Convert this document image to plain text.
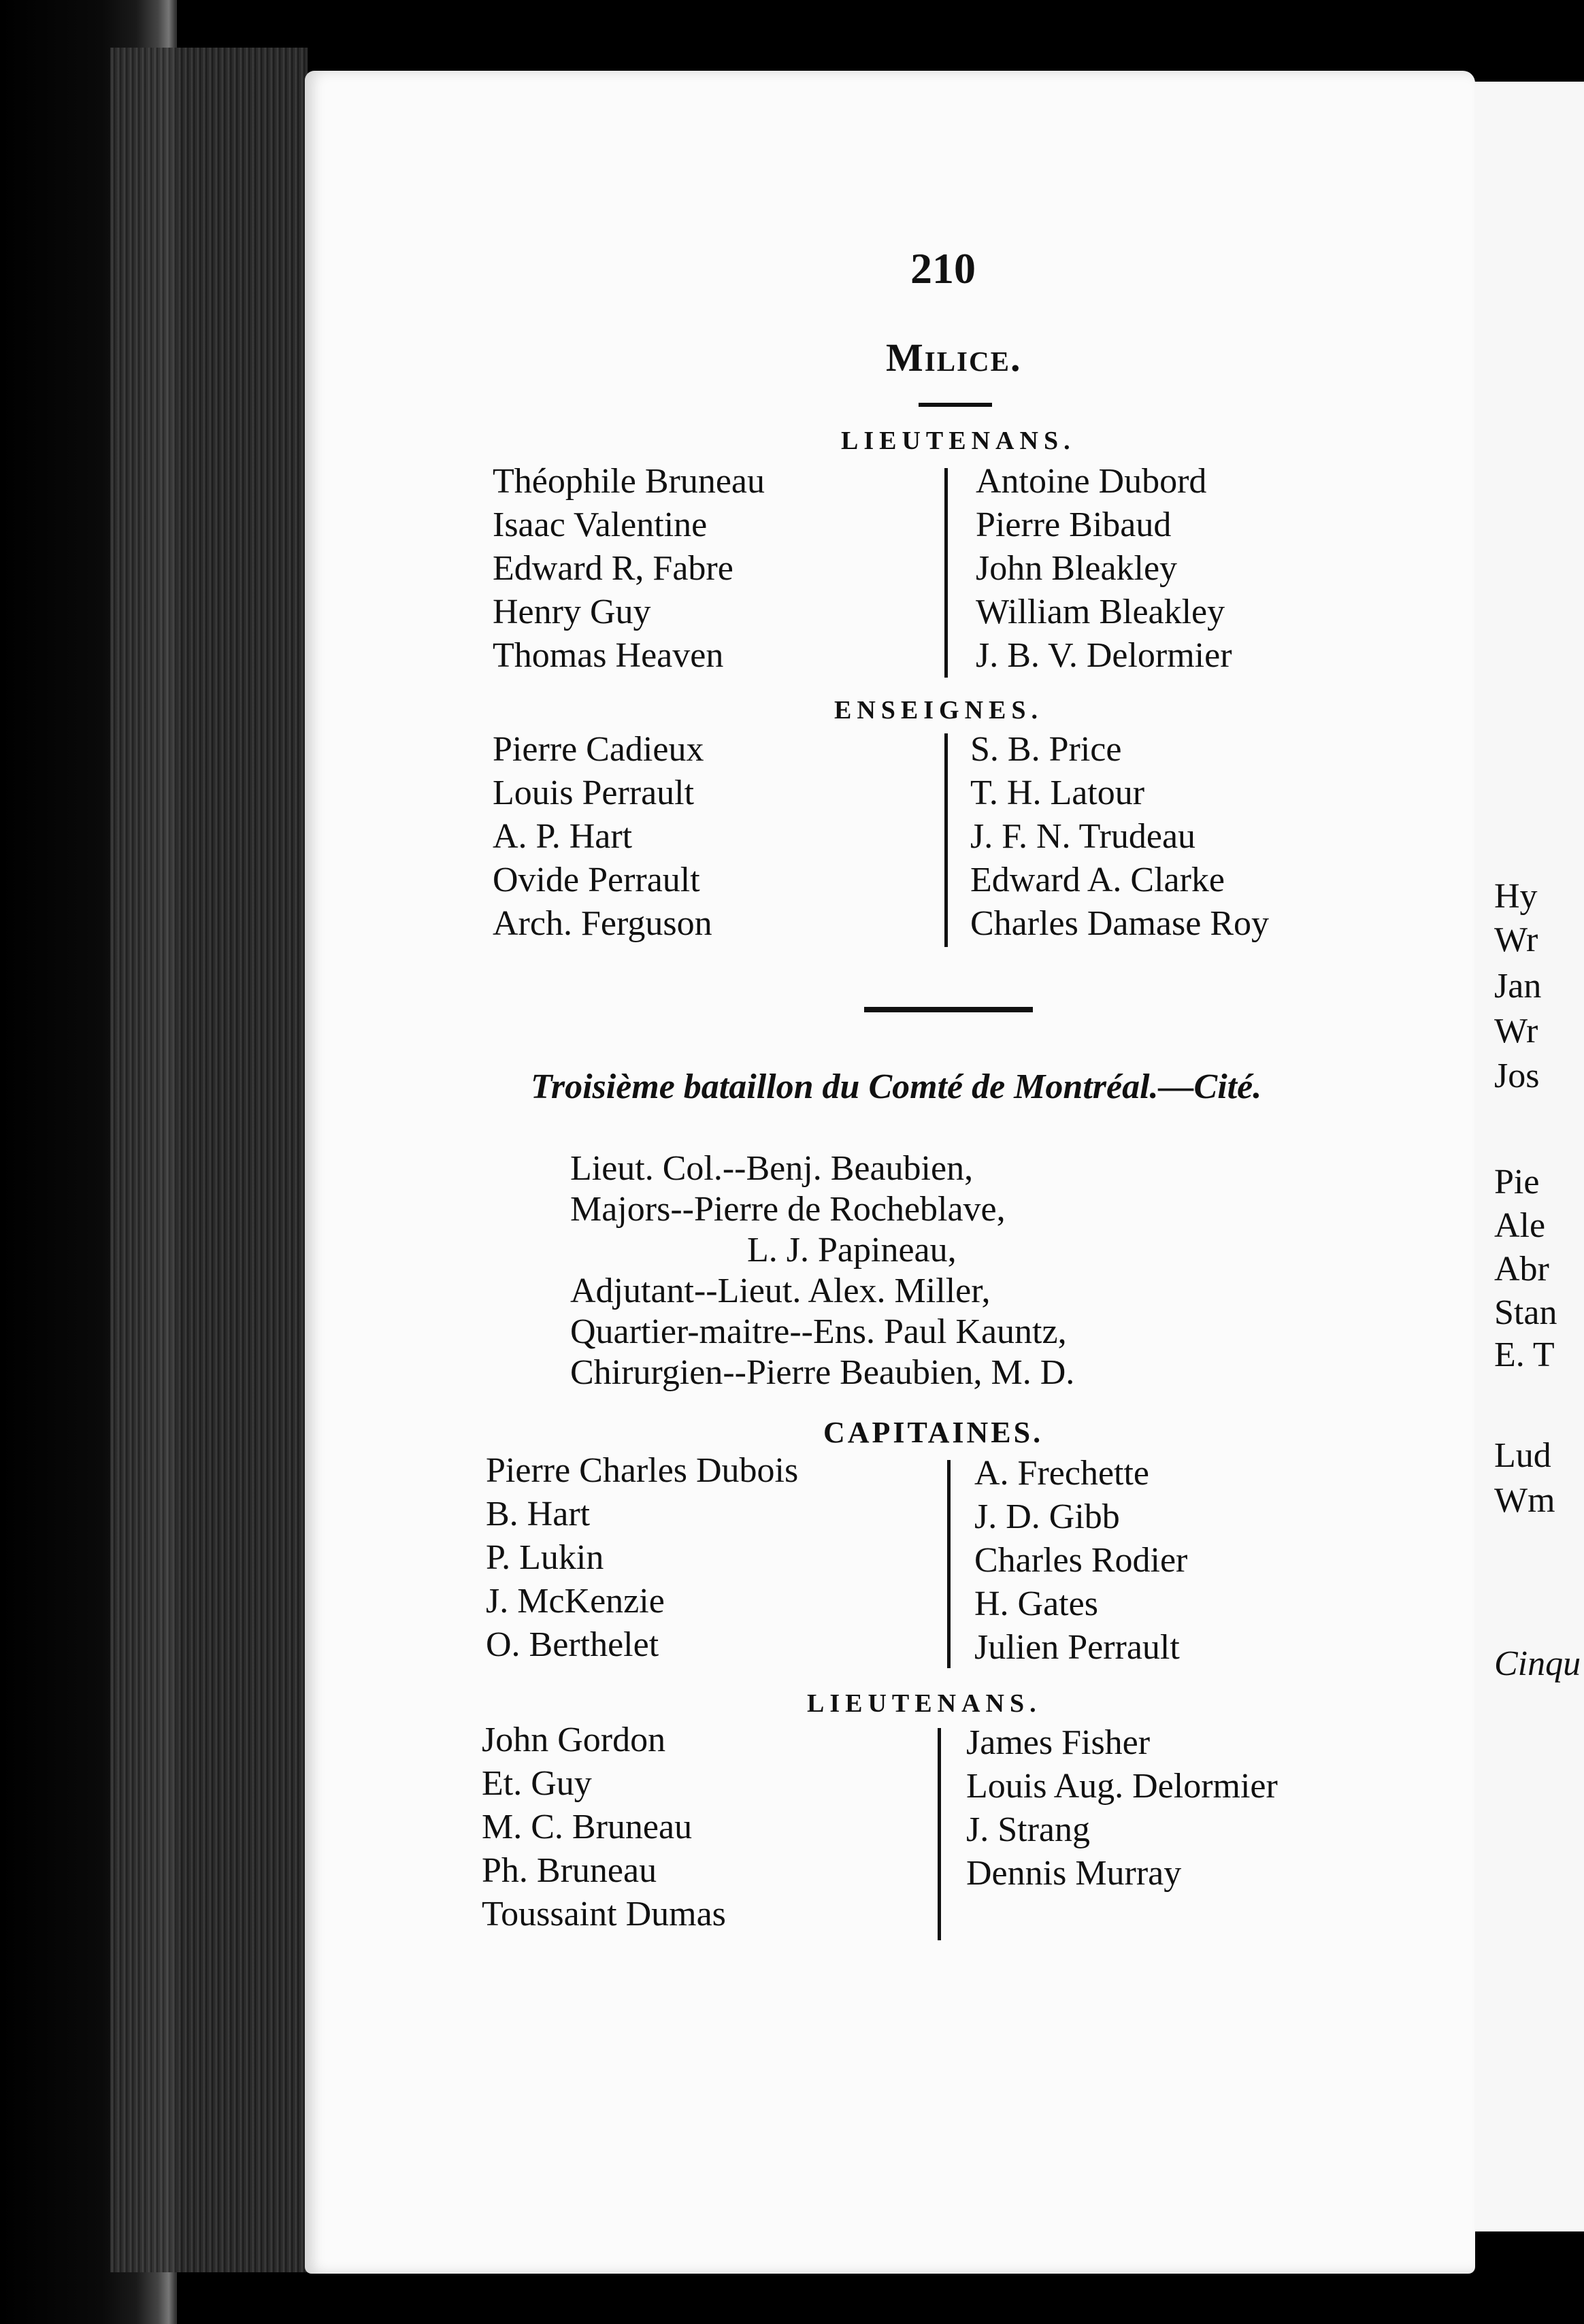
Hy
Wr
Jan
Wr
Jos
Pie
Ale
Abr
Stan
E. T
Lud
Wm
Cinqu
210
Milice.
LIEUTENANS.
Théophile Bruneau
Isaac Valentine
Edward R, Fabre
Henry Guy
Thomas Heaven
Antoine Dubord
Pierre Bibaud
John Bleakley
William Bleakley
J. B. V. Delormier
ENSEIGNES.
Pierre Cadieux
Louis Perrault
A. P. Hart
Ovide Perrault
Arch. Ferguson
S. B. Price
T. H. Latour
J. F. N. Trudeau
Edward A. Clarke
Charles Damase Roy
Troisième bataillon du Comté de Montréal.—Cité.
Lieut. Col.--Benj. Beaubien,
Majors--Pierre de Rocheblave,
L. J. Papineau,
Adjutant--Lieut. Alex. Miller,
Quartier-maitre--Ens. Paul Kauntz,
Chirurgien--Pierre Beaubien, M. D.
CAPITAINES.
Pierre Charles Dubois
B. Hart
P. Lukin
J. McKenzie
O. Berthelet
A. Frechette
J. D. Gibb
Charles Rodier
H. Gates
Julien Perrault
LIEUTENANS.
John Gordon
Et. Guy
M. C. Bruneau
Ph. Bruneau
Toussaint Dumas
James Fisher
Louis Aug. Delormier
J. Strang
Dennis Murray
